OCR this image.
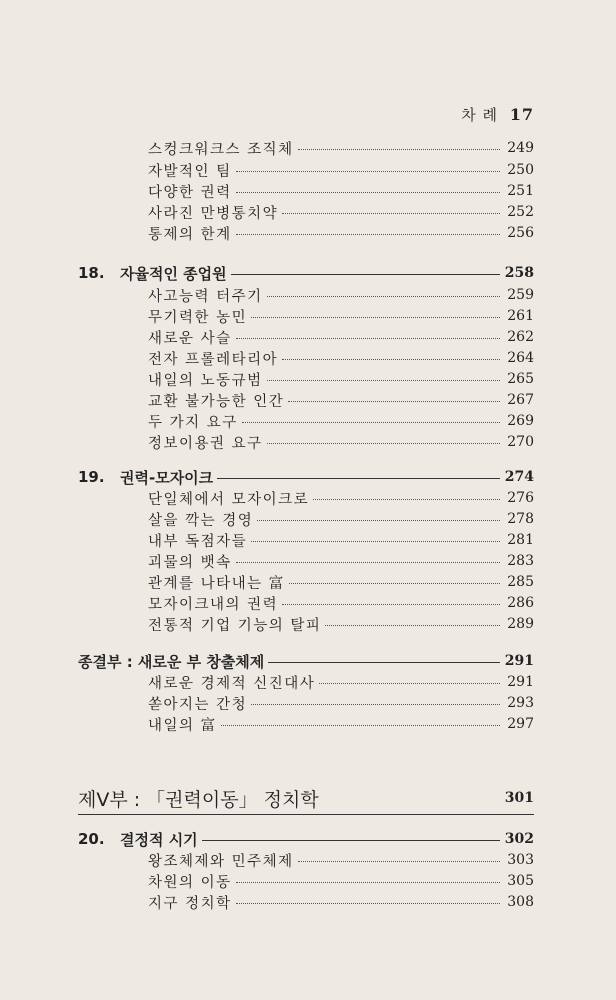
차 례 17
스컹크워크스 조직체	249
자발적인 팀	250
다양한 권력	251
사라진 만병통치약	252
통제의 한계	256
18.	자율적인 종업원	258
사고능력 터주기	259
무기력한 농민	261
새로운 사슬	262
전자 프롤레타리아	264
내일의 노동규범	265
교환 불가능한 인간	267
두 가지 요구	269
정보이용권 요구	270
19.	권력-모자이크	274
단일체에서 모자이크로	276
살을 깍는 경영	278
내부 독점자들	281
괴물의 뱃속	283
관계를 나타내는 富	285
모자이크내의 권력	286
전통적 기업 기능의 탈피	289
종결부 : 새로운 부 창출체제	291
새로운 경제적 신진대사	291
쏟아지는 간청	293
내일의 富	297
제V부 : 「권력이동」 정치학	301
20.	결정적 시기	302
왕조체제와 민주체제	303
차원의 이동	305
지구 정치학	308
